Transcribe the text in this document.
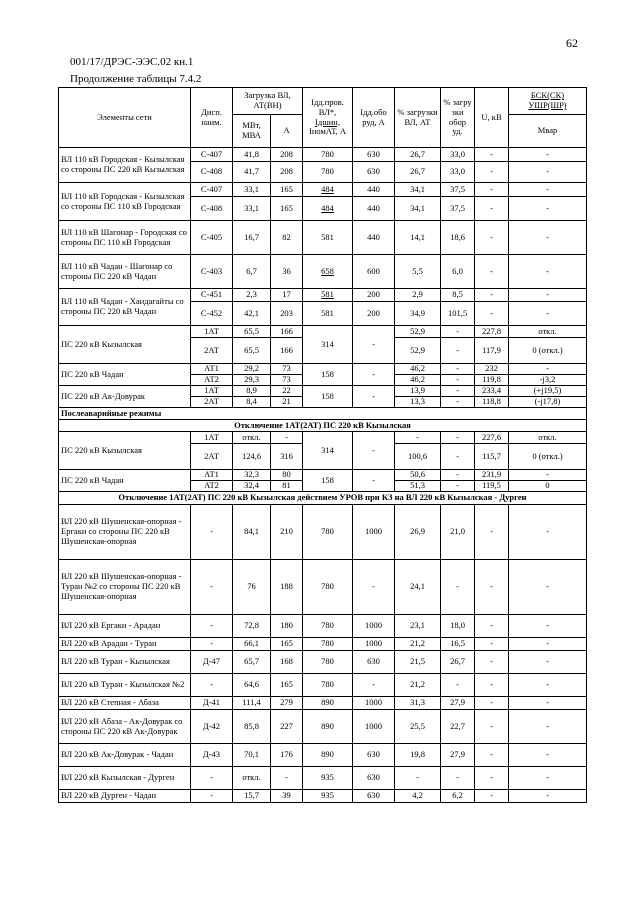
62
001/17/ДРЭС-ЭЭС.02 кн.1
Продолжение таблицы 7.4.2
Элементы сети	Дисп. наим.	Загрузка ВЛ, АТ(ВН)		Iдд.пров. ВЛ*,
Iдшин,
IномАТ, А	Iдд.обо руд, А	% загрузки ВЛ, АТ	% загру зки обор уд.	U, кВ	БСК(СК) УШР(ШР)
		МВт, МВА	А						Мвар
ВЛ 110 кВ Городская - Кызылская со стороны ПС 220 кВ Кызылская	С-407	41,8	208	780	630	26,7	33,0	-	-
	С-408	41,7	208	780	630	26,7	33,0	-	-
ВЛ 110 кВ Городская - Кызылская со стороны ПС 110 кВ Городская	С-407	33,1	165	484	440	34,1	37,5	-	-
	С-408	33,1	165	484	440	34,1	37,5	-	-
ВЛ 110 кВ Шагонар - Городская со стороны ПС 110 кВ Городская	С-405	16,7	82	581	440	14,1	18,6	-	-
ВЛ 110 кВ Чадан - Шагонар со стороны ПС 220 кВ Чадан	С-403	6,7	36	658	600	5,5	6,0	-	-
ВЛ 110 кВ Чадан - Хандагайты со стороны ПС 220 кВ Чадан	С-451	2,3	17	581	200	2,9	8,5	-	-
	С-452	42,1	203	581	200	34,9	101,5	-	-
ПС 220 кВ Кызылская	1АТ	65,5	166	314	-	52,9	-	227,8	откл.
	2АТ	65,5	166			52,9	-	117,9	0 (откл.)
ПС 220 кВ Чадан	АТ1	29,2	73	158	-	46,2	-	232	-
	АТ2	29,3	73			46,2	-	119,8	-j3,2
ПС 220 кВ Ак-Довурак	1АТ	8,9	22	158	-	13,9	-	233,4	(+j19,5)
	2АТ	8,4	21			13,3	-	118,8	(-j17,8)
Послеаварийные режимы									
Отключение 1АТ(2АТ) ПС 220 кВ Кызылская									
ПС 220 кВ Кызылская	1АТ	откл.	-	314	-	-	-	227,6	откл.
	2АТ	124,6	316			100,6	-	115,7	0 (откл.)
ПС 220 кВ Чадан	АТ1	32,3	80	158	-	50,6	-	231,9	-
	АТ2	32,4	81			51,3	-	119,5	0
Отключение 1АТ(2АТ) ПС 220 кВ Кызылская действием УРОВ при КЗ на ВЛ 220 кВ Кызылская - Дурген									
ВЛ 220 кВ Шушенская-опорная - Ергаки со стороны ПС 220 кВ Шушенская-опорная	-	84,1	210	780	1000	26,9	21,0	-	-
ВЛ 220 кВ Шушенская-опорная - Туран №2 со стороны ПС 220 кВ Шушенская-опорная	-	76	188	780	-	24,1	-	-	-
ВЛ 220 кВ Ергаки - Арадан	-	72,8	180	780	1000	23,1	18,0	-	-
ВЛ 220 кВ Арадан - Туран	-	66,1	165	780	1000	21,2	16,5	-	-
ВЛ 220 кВ Туран - Кызылская	Д-47	65,7	168	780	630	21,5	26,7	-	-
ВЛ 220 кВ Туран - Кызылская №2	-	64,6	165	780	-	21,2	-	-	-
ВЛ 220 кВ Степная - Абаза	Д-41	111,4	279	890	1000	31,3	27,9	-	-
ВЛ 220 кВ Абаза - Ак-Довурак со стороны ПС 220 кВ Ак-Довурак	Д-42	85,8	227	890	1000	25,5	22,7	-	-
ВЛ 220 кВ Ак-Довурак - Чадан	Д-43	70,1	176	890	630	19,8	27,9	-	-
ВЛ 220 кВ Кызылская - Дурген	-	откл.	-	935	630	-	-	-	-
ВЛ 220 кВ Дурген - Чадан	-	15,7	39	935	630	4,2	6,2	-	-
